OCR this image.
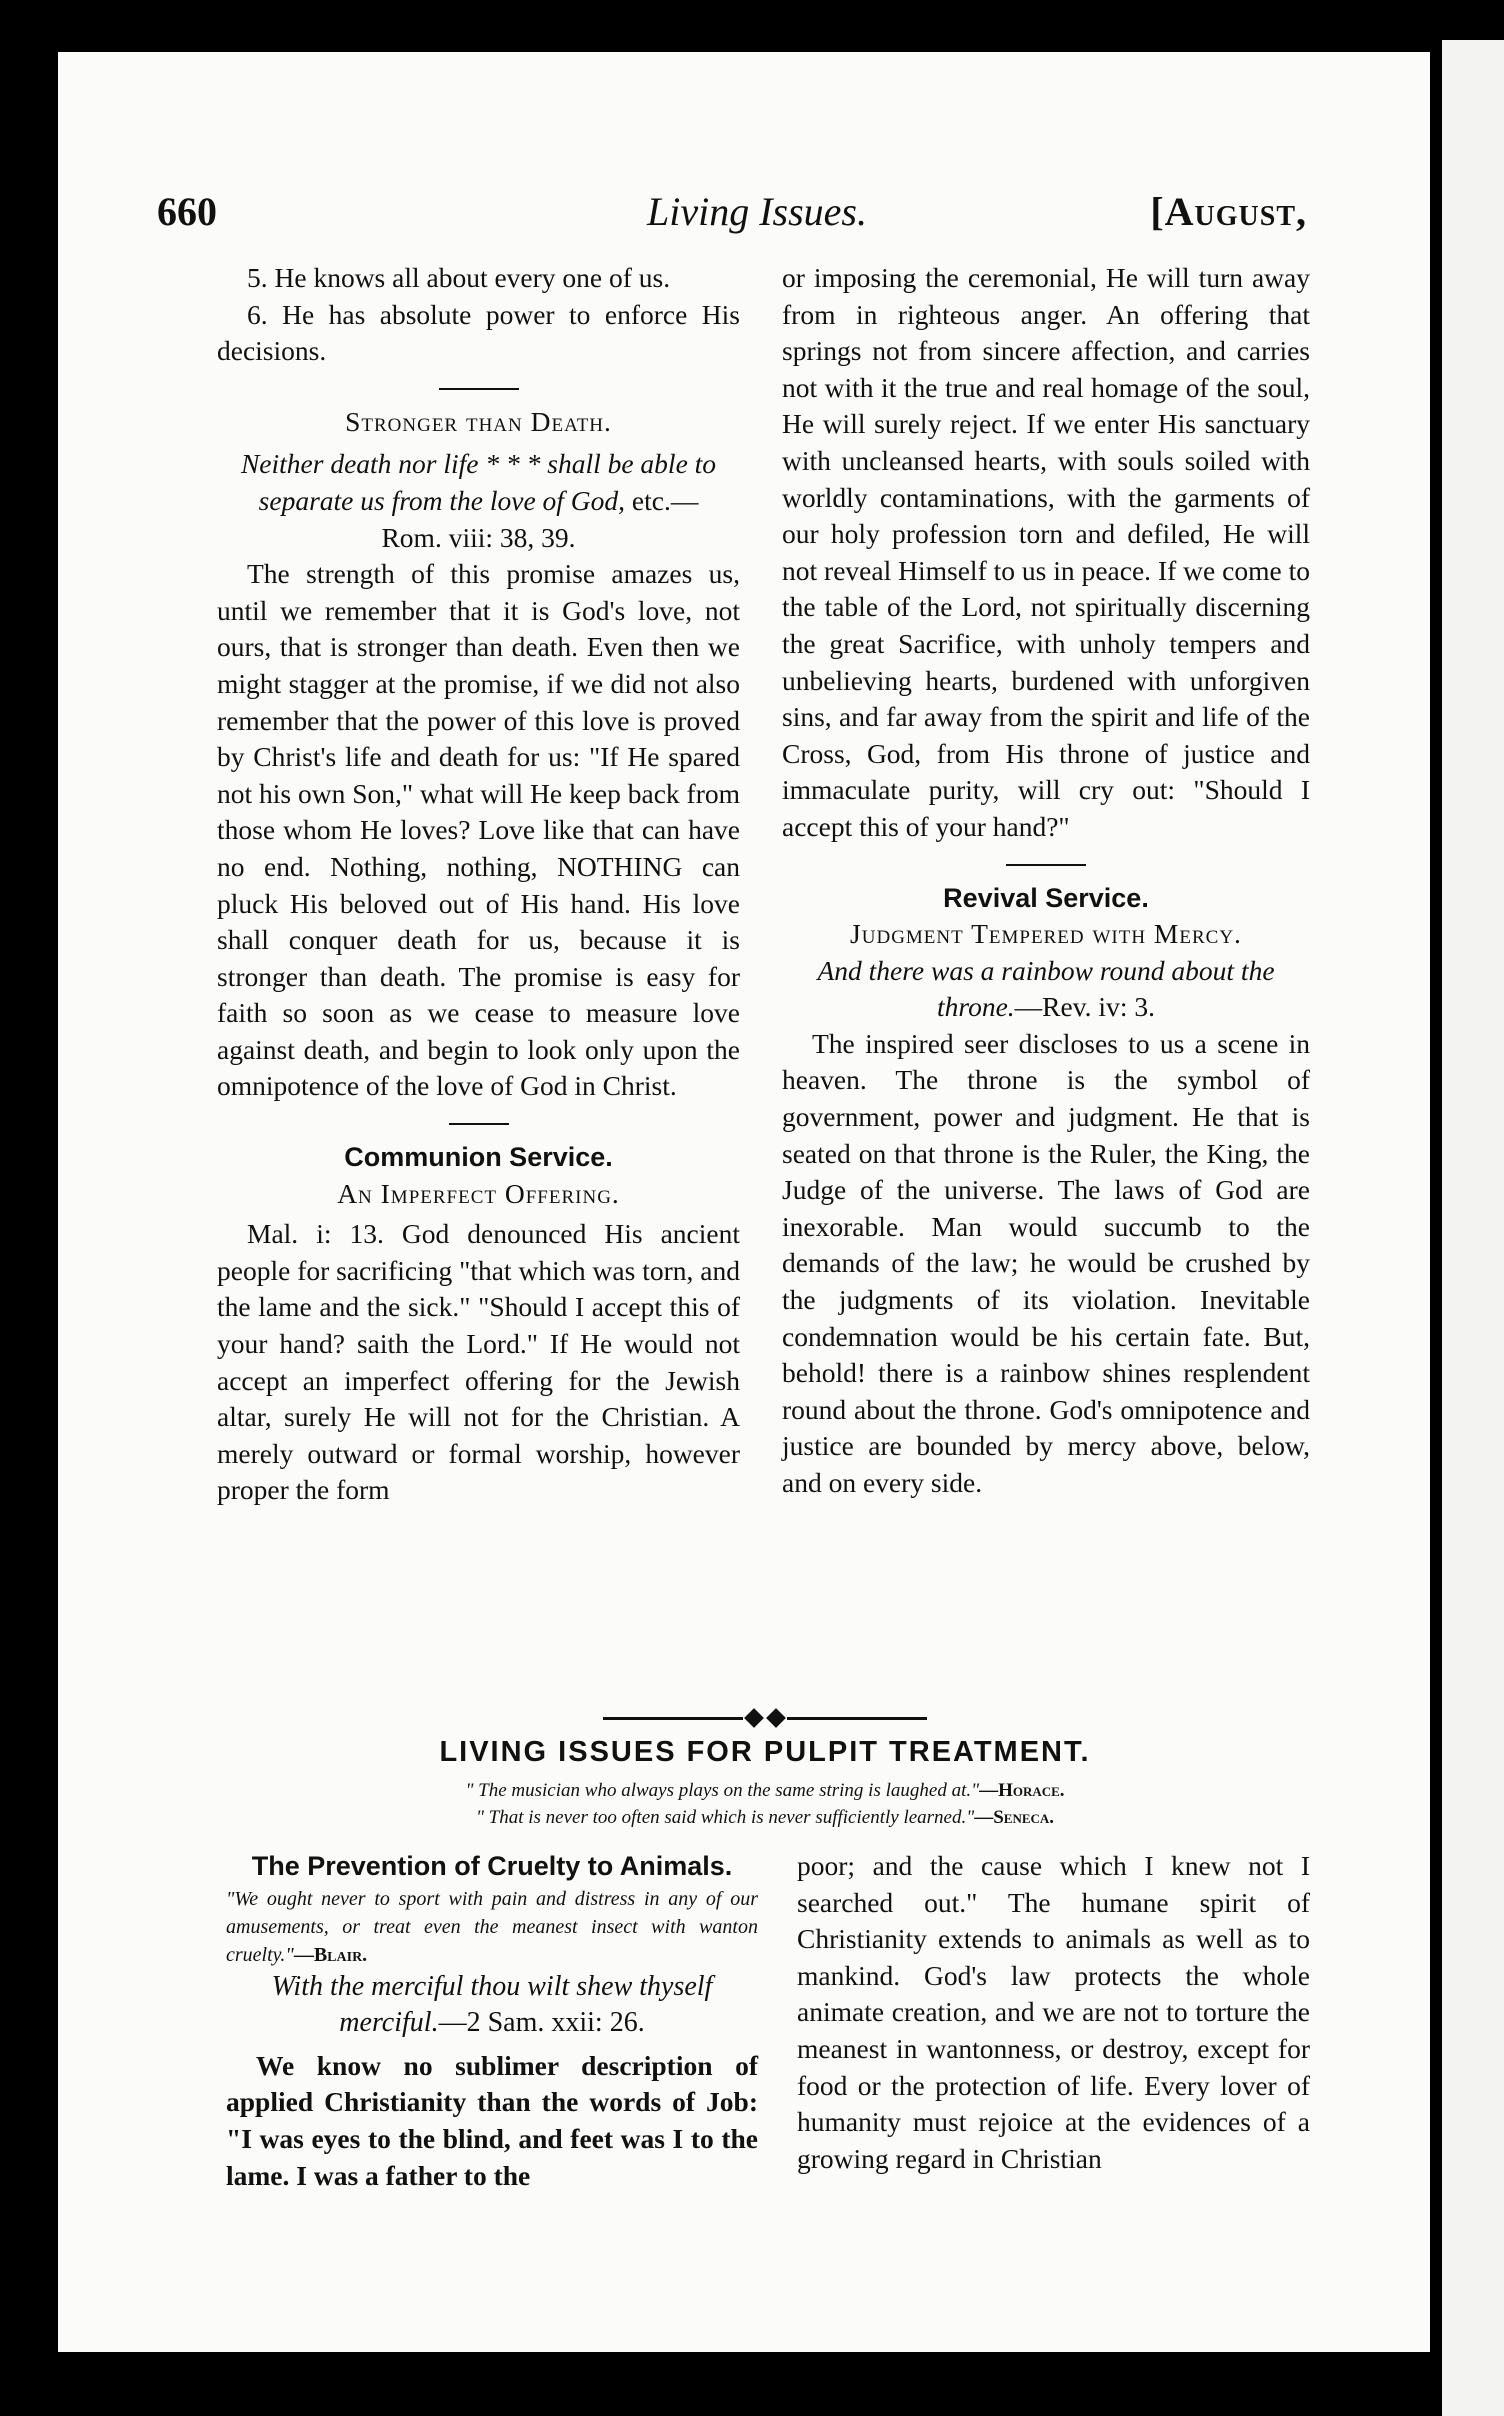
660	Living Issues.	[August,

5. He knows all about every one of us.

6. He has absolute power to enforce His decisions.

Stronger than Death.

Neither death nor life * * * shall be able to separate us from the love of God, etc.—

Rom. viii: 38, 39.

The strength of this promise amazes us, until we remember that it is God's love, not ours, that is stronger than death. Even then we might stagger at the promise, if we did not also remember that the power of this love is proved by Christ's life and death for us: "If He spared not his own Son," what will He keep back from those whom He loves? Love like that can have no end. Nothing, nothing, NOTHING can pluck His beloved out of His hand. His love shall conquer death for us, because it is stronger than death. The promise is easy for faith so soon as we cease to measure love against death, and begin to look only upon the omnipotence of the love of God in Christ.

Communion Service.

An Imperfect Offering.

Mal. i: 13. God denounced His ancient people for sacrificing "that which was torn, and the lame and the sick." "Should I accept this of your hand? saith the Lord." If He would not accept an imperfect offering for the Jewish altar, surely He will not for the Christian. A merely outward or formal worship, however proper the form

or imposing the ceremonial, He will turn away from in righteous anger. An offering that springs not from sincere affection, and carries not with it the true and real homage of the soul, He will surely reject. If we enter His sanctuary with uncleansed hearts, with souls soiled with worldly contaminations, with the garments of our holy profession torn and defiled, He will not reveal Himself to us in peace. If we come to the table of the Lord, not spiritually discerning the great Sacrifice, with unholy tempers and unbelieving hearts, burdened with unforgiven sins, and far away from the spirit and life of the Cross, God, from His throne of justice and immaculate purity, will cry out: "Should I accept this of your hand?"

Revival Service.

Judgment Tempered with Mercy.

And there was a rainbow round about the throne.—Rev. iv: 3.

The inspired seer discloses to us a scene in heaven. The throne is the symbol of government, power and judgment. He that is seated on that throne is the Ruler, the King, the Judge of the universe. The laws of God are inexorable. Man would succumb to the demands of the law; he would be crushed by the judgments of its violation. Inevitable condemnation would be his certain fate. But, behold! there is a rainbow shines resplendent round about the throne. God's omnipotence and justice are bounded by mercy above, below, and on every side.

LIVING ISSUES FOR PULPIT TREATMENT.
" The musician who always plays on the same string is laughed at."—Horace.
" That is never too often said which is never sufficiently learned."—Seneca.

The Prevention of Cruelty to Animals.

"We ought never to sport with pain and distress in any of our amusements, or treat even the meanest insect with wanton cruelty."—Blair.

With the merciful thou wilt shew thyself merciful.—2 Sam. xxii: 26.

We know no sublimer description of applied Christianity than the words of Job: "I was eyes to the blind, and feet was I to the lame. I was a father to the

poor; and the cause which I knew not I searched out." The humane spirit of Christianity extends to animals as well as to mankind. God's law protects the whole animate creation, and we are not to torture the meanest in wantonness, or destroy, except for food or the protection of life. Every lover of humanity must rejoice at the evidences of a growing regard in Christian
